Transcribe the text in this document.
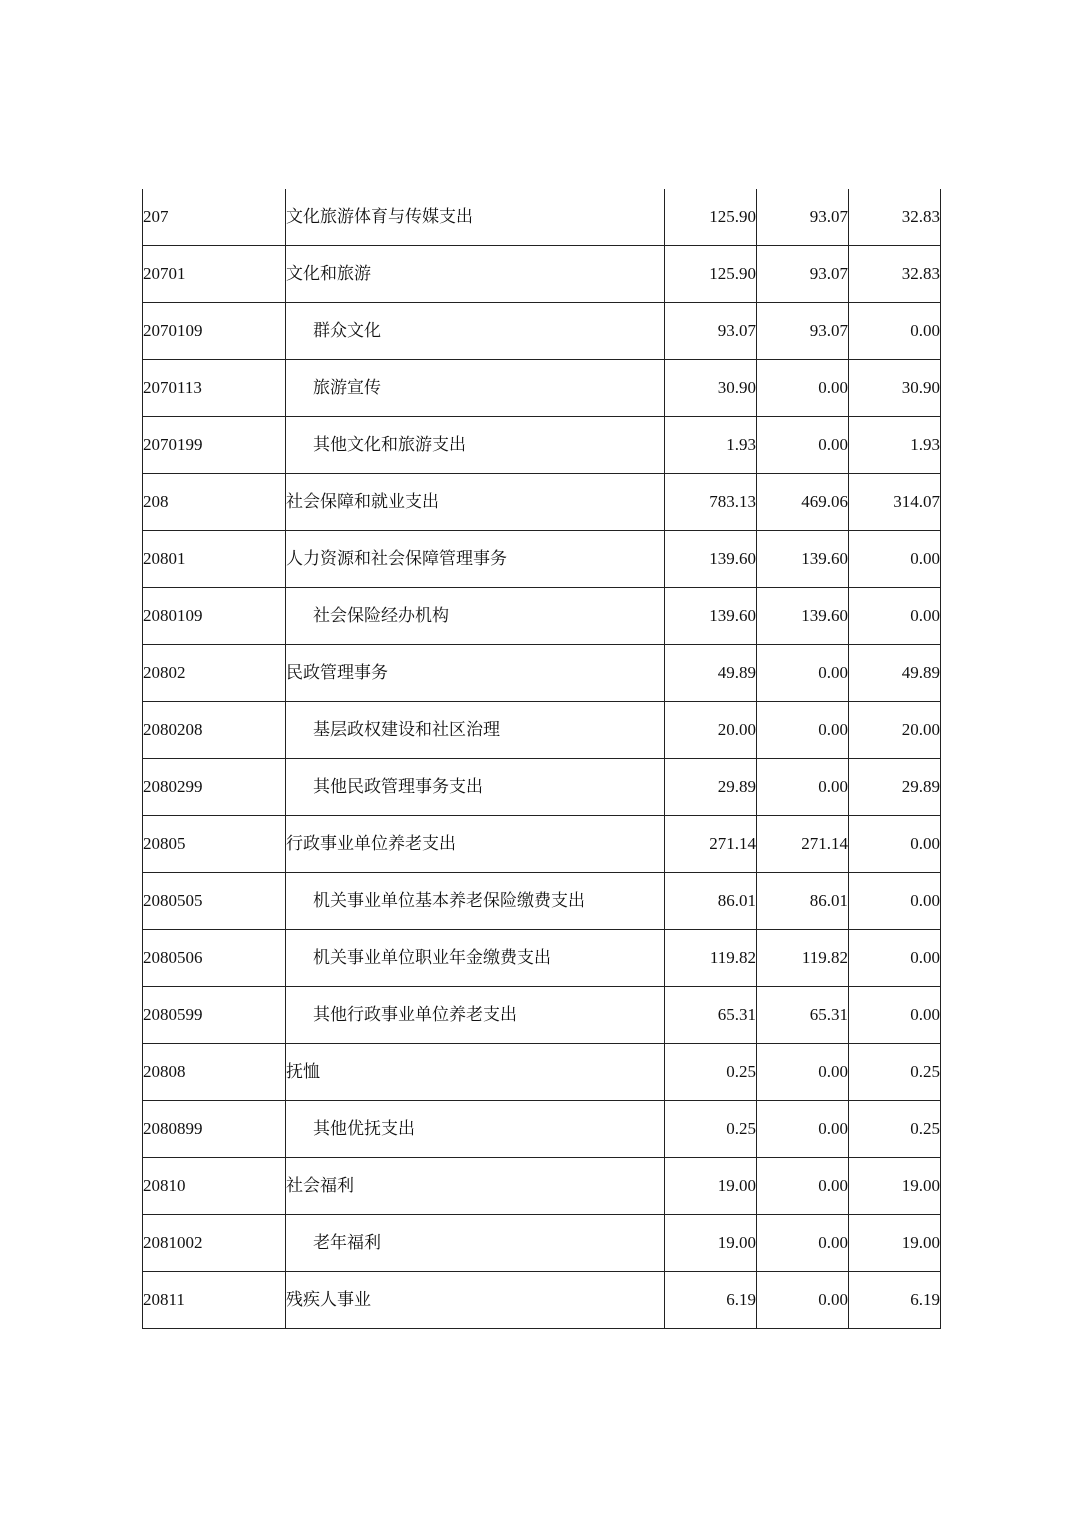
207	文化旅游体育与传媒支出	125.90	93.07	32.83
20701	文化和旅游	125.90	93.07	32.83
2070109	群众文化	93.07	93.07	0.00
2070113	旅游宣传	30.90	0.00	30.90
2070199	其他文化和旅游支出	1.93	0.00	1.93
208	社会保障和就业支出	783.13	469.06	314.07
20801	人力资源和社会保障管理事务	139.60	139.60	0.00
2080109	社会保险经办机构	139.60	139.60	0.00
20802	民政管理事务	49.89	0.00	49.89
2080208	基层政权建设和社区治理	20.00	0.00	20.00
2080299	其他民政管理事务支出	29.89	0.00	29.89
20805	行政事业单位养老支出	271.14	271.14	0.00
2080505	机关事业单位基本养老保险缴费支出	86.01	86.01	0.00
2080506	机关事业单位职业年金缴费支出	119.82	119.82	0.00
2080599	其他行政事业单位养老支出	65.31	65.31	0.00
20808	抚恤	0.25	0.00	0.25
2080899	其他优抚支出	0.25	0.00	0.25
20810	社会福利	19.00	0.00	19.00
2081002	老年福利	19.00	0.00	19.00
20811	残疾人事业	6.19	0.00	6.19
